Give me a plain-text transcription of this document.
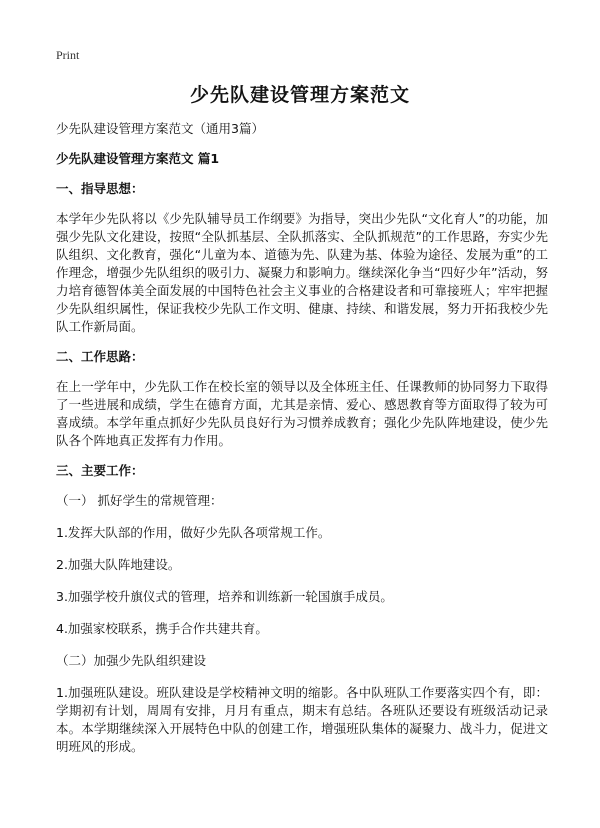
Print
少先队建设管理方案范文

少先队建设管理方案范文（通用3篇）

少先队建设管理方案范文 篇1

一、指导思想：

本学年少先队将以《少先队辅导员工作纲要》为指导，突出少先队“文化育人”的功能，加强少先队文化建设，按照“全队抓基层、全队抓落实、全队抓规范”的工作思路，夯实少先队组织、文化教育，强化“儿童为本、道德为先、队建为基、体验为途径、发展为重”的工作理念，增强少先队组织的吸引力、凝聚力和影响力。继续深化争当“四好少年”活动，努力培育德智体美全面发展的中国特色社会主义事业的合格建设者和可靠接班人；牢牢把握少先队组织属性，保证我校少先队工作文明、健康、持续、和谐发展，努力开拓我校少先队工作新局面。

二、工作思路：

在上一学年中，少先队工作在校长室的领导以及全体班主任、任课教师的协同努力下取得了一些进展和成绩，学生在德育方面，尤其是亲情、爱心、感恩教育等方面取得了较为可喜成绩。本学年重点抓好少先队员良好行为习惯养成教育；强化少先队阵地建设，使少先队各个阵地真正发挥有力作用。

三、主要工作：

（一） 抓好学生的常规管理：

1.发挥大队部的作用，做好少先队各项常规工作。

2.加强大队阵地建设。

3.加强学校升旗仪式的管理，培养和训练新一轮国旗手成员。

4.加强家校联系，携手合作共建共育。

（二）加强少先队组织建设

1.加强班队建设。班队建设是学校精神文明的缩影。各中队班队工作要落实四个有，即：学期初有计划，周周有安排，月月有重点，期末有总结。各班队还要设有班级活动记录本。本学期继续深入开展特色中队的创建工作，增强班队集体的凝聚力、战斗力，促进文明班风的形成。
